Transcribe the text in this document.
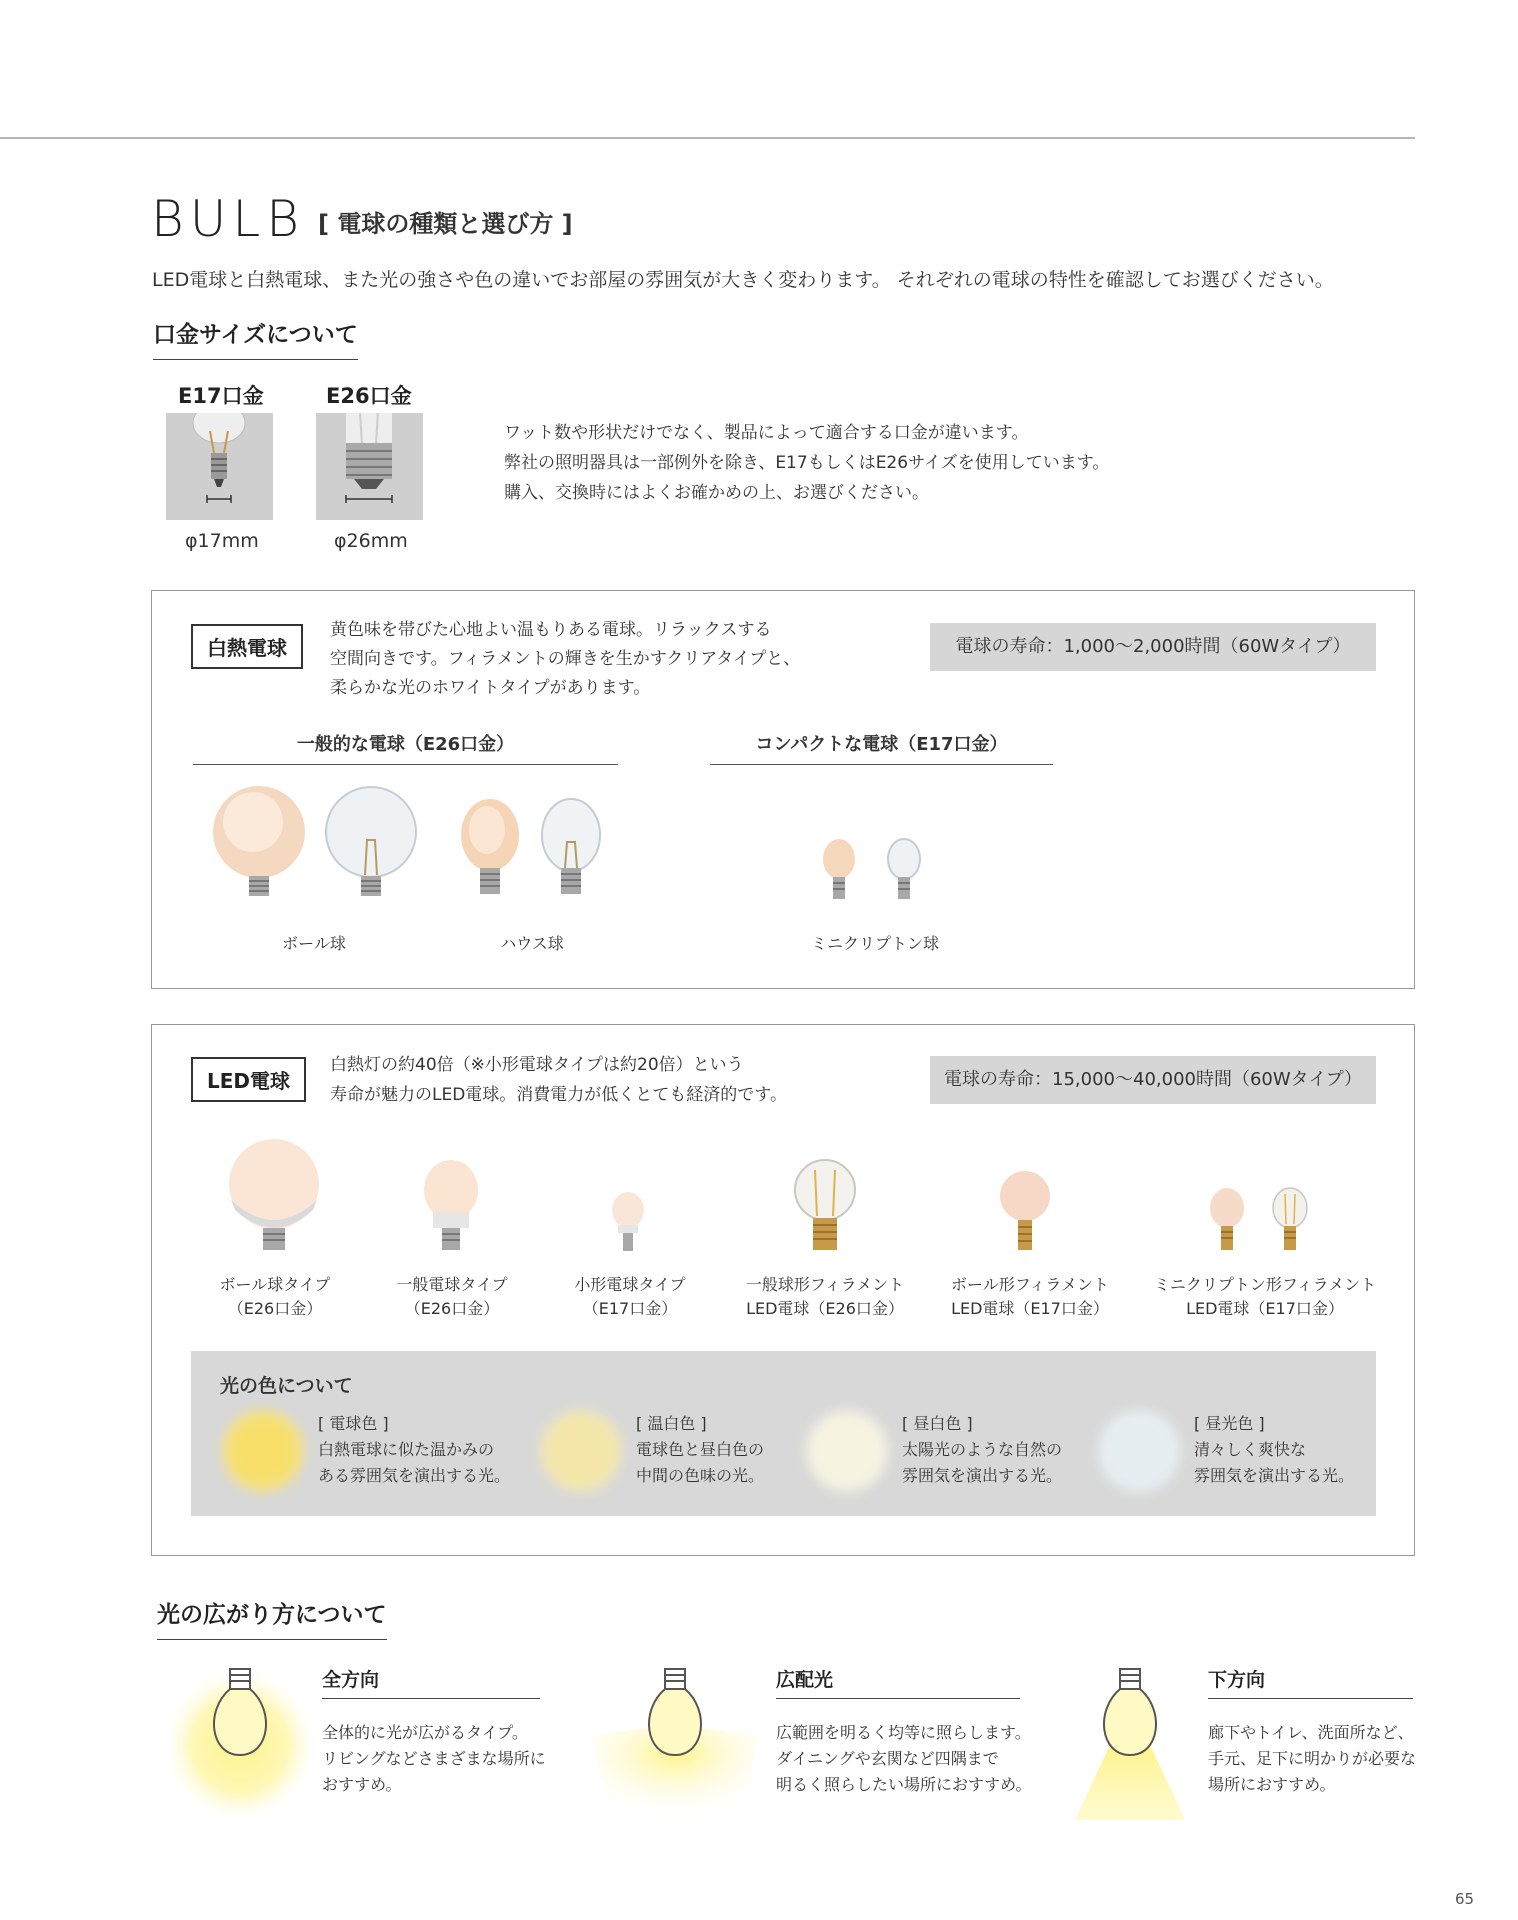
BULB [ 電球の種類と選び方 ]
LED電球と白熱電球、また光の強さや色の違いでお部屋の雰囲気が大きく変わります。 それぞれの電球の特性を確認してお選びください。
口金サイズについて
E17口金
φ17mm
E26口金
φ26mm
ワット数や形状だけでなく、製品によって適合する口金が違います。
弊社の照明器具は一部例外を除き、E17もしくはE26サイズを使用しています。
購入、交換時にはよくお確かめの上、お選びください。
白熱電球
黄色味を帯びた心地よい温もりある電球。リラックスする
空間向きです。フィラメントの輝きを生かすクリアタイプと、
柔らかな光のホワイトタイプがあります。
電球の寿命：1,000〜2,000時間（60Wタイプ）
一般的な電球（E26口金）	コンパクトな電球（E17口金）
ボール球	ハウス球	ミニクリプトン球
LED電球
白熱灯の約40倍（※小形電球タイプは約20倍）という
寿命が魅力のLED電球。消費電力が低くとても経済的です。
電球の寿命：15,000〜40,000時間（60Wタイプ）
ボール球タイプ
（E26口金）
一般電球タイプ
（E26口金）
小形電球タイプ
（E17口金）
一般球形フィラメント
LED電球（E26口金）
ボール形フィラメント
LED電球（E17口金）
ミニクリプトン形フィラメント
LED電球（E17口金）
光の色について
[ 電球色 ]
白熱電球に似た温かみの
ある雰囲気を演出する光。
[ 温白色 ]
電球色と昼白色の
中間の色味の光。
[ 昼白色 ]
太陽光のような自然の
雰囲気を演出する光。
[ 昼光色 ]
清々しく爽快な
雰囲気を演出する光。
光の広がり方について
全方向
全体的に光が広がるタイプ。
リビングなどさまざまな場所に
おすすめ。
広配光
広範囲を明るく均等に照らします。
ダイニングや玄関など四隅まで
明るく照らしたい場所におすすめ。
下方向
廊下やトイレ、洗面所など、
手元、足下に明かりが必要な
場所におすすめ。
65
